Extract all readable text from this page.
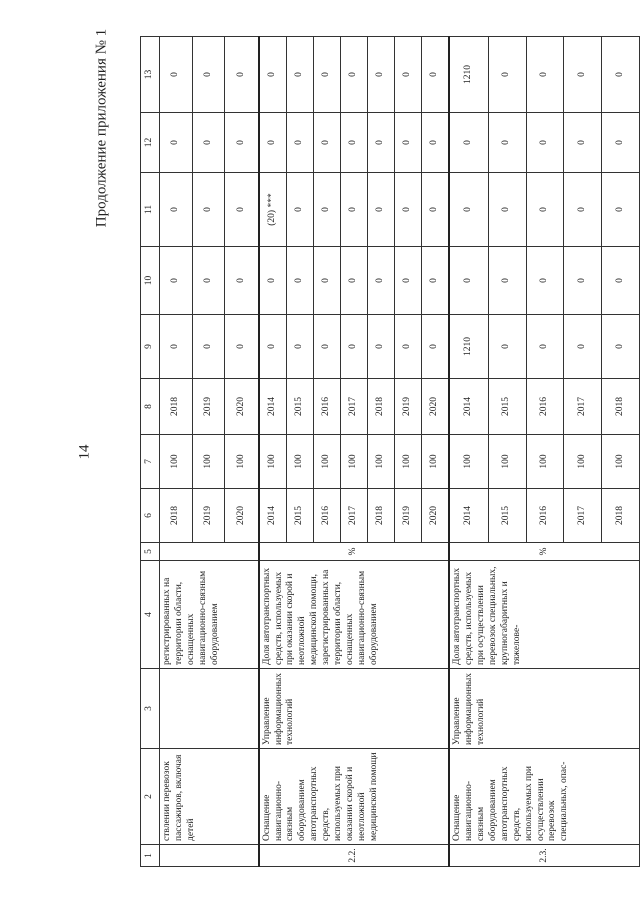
14
Продолжение приложения № 1
1	2	3	4	5	6	7	8	9	10	11	12	13
	ствлении перевозок пассажиров, включая детей		регистрированных на территории области, оснащенных навигационно-связным оборудованием		2018	100	2018	0	0	0	0	0
					2019	100	2019	0	0	0	0	0
					2020	100	2020	0	0	0	0	0
2.2.	Оснащение навигационно-связным оборудованием автотранспортных средств, используемых при оказании скорой и неотложной медицинской помощи	Управление информационных технологий	Доля автотранспортных средств, используемых при оказании скорой и неотложной медицинской помощи, зарегистрированных на территории области, оснащенных навигационно-связным оборудованием	%	2014	100	2014	0	0	(20) ***	0	0
					2015	100	2015	0	0	0	0	0
					2016	100	2016	0	0	0	0	0
					2017	100	2017	0	0	0	0	0
					2018	100	2018	0	0	0	0	0
					2019	100	2019	0	0	0	0	0
					2020	100	2020	0	0	0	0	0
2.3.	Оснащение навигационно-связным оборудованием автотранспортных средств, используемых при осуществлении перевозок специальных, опас-	Управление информационных технологий	Доля автотранспортных средств, используемых при осуществлении перевозок специальных, крупногабаритных и тяжелове-	%	2014	100	2014	1210	0	0	0	1210
					2015	100	2015	0	0	0	0	0
					2016	100	2016	0	0	0	0	0
					2017	100	2017	0	0	0	0	0
					2018	100	2018	0	0	0	0	0
